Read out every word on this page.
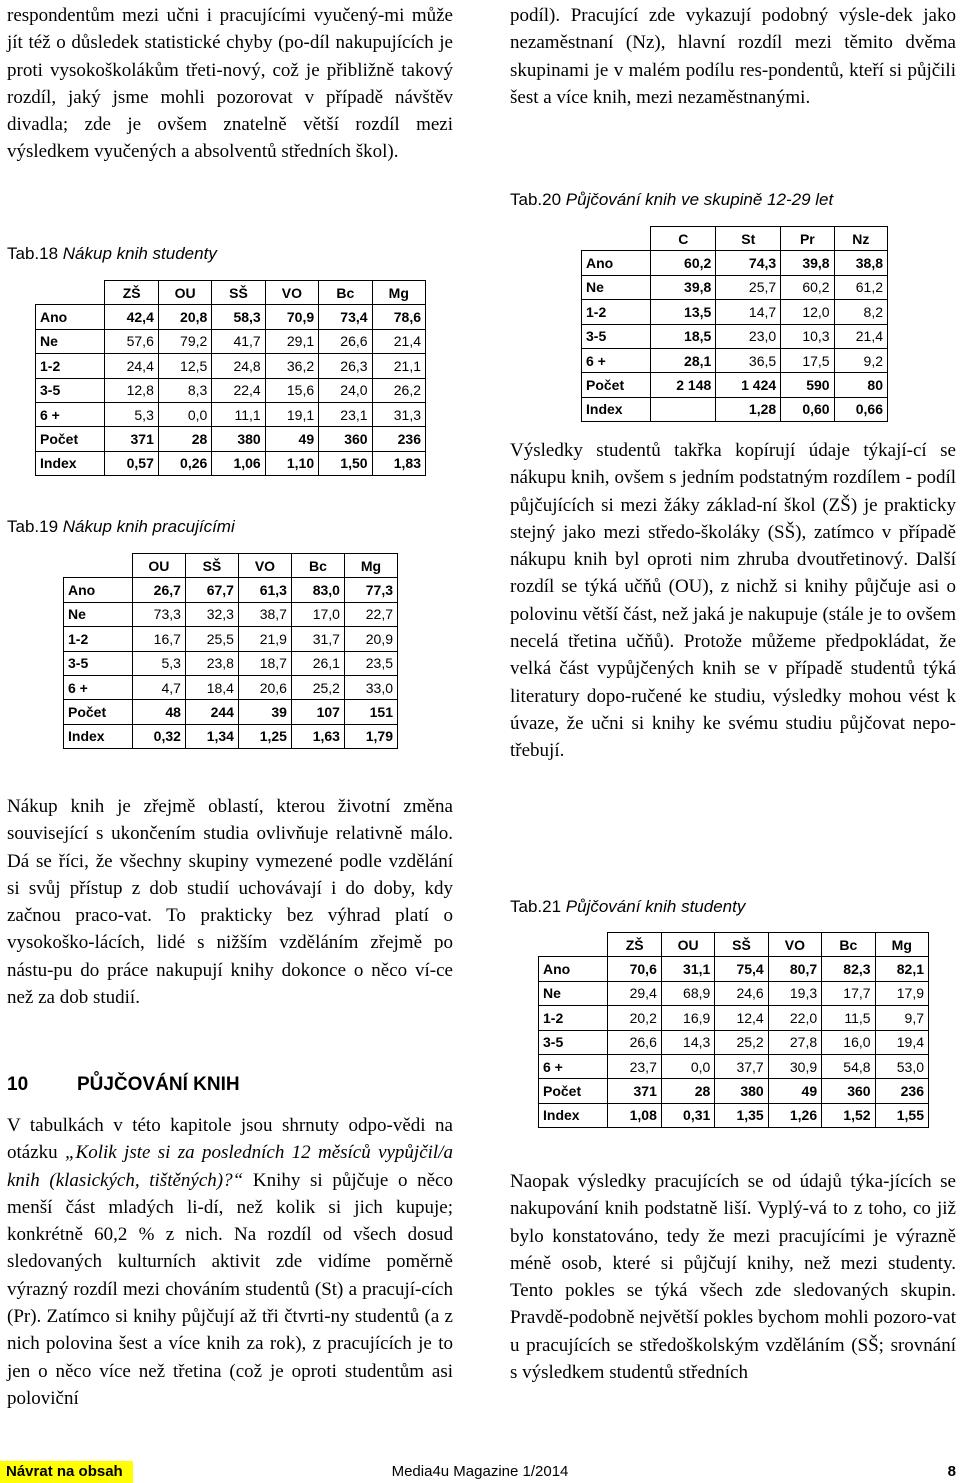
respondentům mezi učni i pracujícími vyučený-mi může jít též o důsledek statistické chyby (po-díl nakupujících je proti vysokoškolákům třeti-nový, což je přibližně takový rozdíl, jaký jsme mohli pozorovat v případě návštěv divadla; zde je ovšem znatelně větší rozdíl mezi výsledkem vyučených a absolventů středních škol).

Tab.18 Nákup knih studenty
	ZŠ	OU	SŠ	VO	Bc	Mg
Ano	42,4	20,8	58,3	70,9	73,4	78,6
Ne	57,6	79,2	41,7	29,1	26,6	21,4
1-2	24,4	12,5	24,8	36,2	26,3	21,1
3-5	12,8	8,3	22,4	15,6	24,0	26,2
6 +	5,3	0,0	11,1	19,1	23,1	31,3
Počet	371	28	380	49	360	236
Index	0,57	0,26	1,06	1,10	1,50	1,83
Tab.19 Nákup knih pracujícími
	OU	SŠ	VO	Bc	Mg
Ano	26,7	67,7	61,3	83,0	77,3
Ne	73,3	32,3	38,7	17,0	22,7
1-2	16,7	25,5	21,9	31,7	20,9
3-5	5,3	23,8	18,7	26,1	23,5
6 +	4,7	18,4	20,6	25,2	33,0
Počet	48	244	39	107	151
Index	0,32	1,34	1,25	1,63	1,79

Nákup knih je zřejmě oblastí, kterou životní změna související s ukončením studia ovlivňuje relativně málo. Dá se říci, že všechny skupiny vymezené podle vzdělání si svůj přístup z dob studií uchovávají i do doby, kdy začnou praco-vat. To prakticky bez výhrad platí o vysokoško-lácích, lidé s nižším vzděláním zřejmě po nástu-pu do práce nakupují knihy dokonce o něco ví-ce než za dob studií.

10	PŮJČOVÁNÍ KNIH

V tabulkách v této kapitole jsou shrnuty odpo-vědi na otázku „Kolik jste si za posledních 12 měsíců vypůjčil/a knih (klasických, tištěných)?“ Knihy si půjčuje o něco menší část mladých li-dí, než kolik si jich kupuje; konkrétně 60,2 % z nich. Na rozdíl od všech dosud sledovaných kulturních aktivit zde vidíme poměrně výrazný rozdíl mezi chováním studentů (St) a pracují-cích (Pr). Zatímco si knihy půjčují až tři čtvrti-ny studentů (a z nich polovina šest a více knih za rok), z pracujících je to jen o něco více než třetina (což je oproti studentům asi poloviční

podíl). Pracující zde vykazují podobný výsle-dek jako nezaměstnaní (Nz), hlavní rozdíl mezi těmito dvěma skupinami je v malém podílu res-pondentů, kteří si půjčili šest a více knih, mezi nezaměstnanými.

Tab.20 Půjčování knih ve skupině 12-29 let
	C	St	Pr	Nz
Ano	60,2	74,3	39,8	38,8
Ne	39,8	25,7	60,2	61,2
1-2	13,5	14,7	12,0	8,2
3-5	18,5	23,0	10,3	21,4
6 +	28,1	36,5	17,5	9,2
Počet	2 148	1 424	590	80
Index		1,28	0,60	0,66

Výsledky studentů takřka kopírují údaje týkají-cí se nákupu knih, ovšem s jedním podstatným rozdílem - podíl půjčujících si mezi žáky základ-ní škol (ZŠ) je prakticky stejný jako mezi středo-školáky (SŠ), zatímco v případě nákupu knih byl oproti nim zhruba dvoutřetinový. Další rozdíl se týká učňů (OU), z nichž si knihy půjčuje asi o polovinu větší část, než jaká je nakupuje (stále je to ovšem necelá třetina učňů). Protože můžeme předpokládat, že velká část vypůjčených knih se v případě studentů týká literatury dopo-ručené ke studiu, výsledky mohou vést k úvaze, že učni si knihy ke svému studiu půjčovat nepo-třebují.

Tab.21 Půjčování knih studenty
	ZŠ	OU	SŠ	VO	Bc	Mg
Ano	70,6	31,1	75,4	80,7	82,3	82,1
Ne	29,4	68,9	24,6	19,3	17,7	17,9
1-2	20,2	16,9	12,4	22,0	11,5	9,7
3-5	26,6	14,3	25,2	27,8	16,0	19,4
6 +	23,7	0,0	37,7	30,9	54,8	53,0
Počet	371	28	380	49	360	236
Index	1,08	0,31	1,35	1,26	1,52	1,55

Naopak výsledky pracujících se od údajů týka-jících se nakupování knih podstatně liší. Vyplý-vá to z toho, co již bylo konstatováno, tedy že mezi pracujícími je výrazně méně osob, které si půjčují knihy, než mezi studenty. Tento pokles se týká všech zde sledovaných skupin. Pravdě-podobně největší pokles bychom mohli pozoro-vat u pracujících se středoškolským vzděláním (SŠ; srovnání s výsledkem studentů středních

Media4u Magazine 1/2014
Návrat na obsah	8
